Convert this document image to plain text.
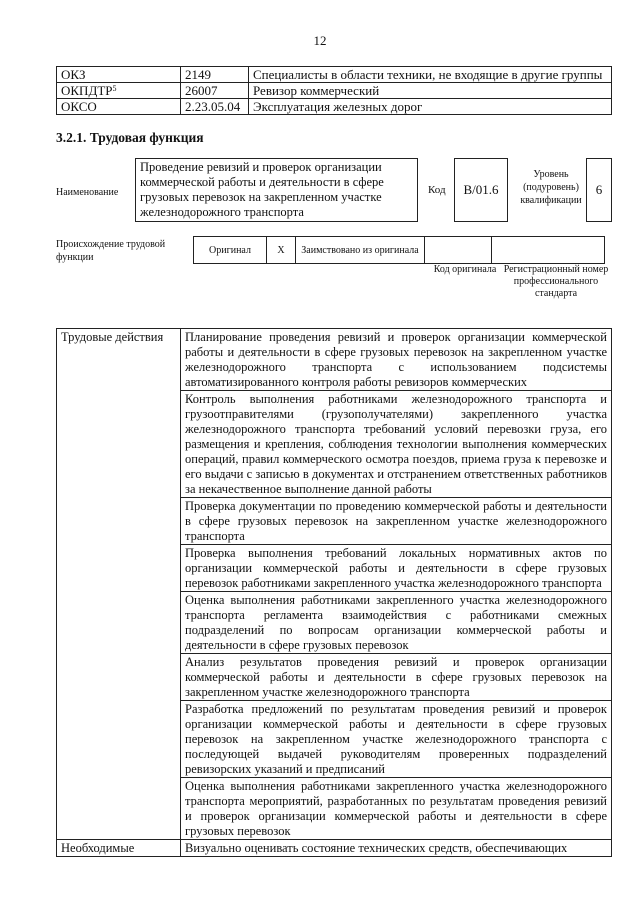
12
ОКЗ	2149	Специалисты в области техники, не входящие в другие группы
ОКПДТР$^5$	26007	Ревизор коммерческий
ОКСО	2.23.05.04	Эксплуатация железных дорог
3.2.1. Трудовая функция
Наименование
Проведение ревизий и проверок организации коммерческой работы и деятельности в сфере грузовых перевозок на закрепленном участке железнодорожного транспорта
Код	B/01.6
Уровень (подуровень) квалификации
6
Происхождение трудовой функции
Оригинал	X	Заимствовано из оригинала		
Код оригинала Регистрационный номер профессионального стандарта
Трудовые действия	Планирование проведения ревизий и проверок организации коммерческой работы и деятельности в сфере грузовых перевозок на закрепленном участке железнодорожного транспорта с использованием подсистемы автоматизированного контроля работы ревизоров коммерческих
	Контроль выполнения работниками железнодорожного транспорта и грузоотправителями (грузополучателями) закрепленного участка железнодорожного транспорта требований условий перевозки груза, его размещения и крепления, соблюдения технологии выполнения коммерческих операций, правил коммерческого осмотра поездов, приема груза к перевозке и его выдачи с записью в документах и отстранением ответственных работников за некачественное выполнение данной работы
	Проверка документации по проведению коммерческой работы и деятельности в сфере грузовых перевозок на закрепленном участке железнодорожного транспорта
	Проверка выполнения требований локальных нормативных актов по организации коммерческой работы и деятельности в сфере грузовых перевозок работниками закрепленного участка железнодорожного транспорта
	Оценка выполнения работниками закрепленного участка железнодорожного транспорта регламента взаимодействия с работниками смежных подразделений по вопросам организации коммерческой работы и деятельности в сфере грузовых перевозок
	Анализ результатов проведения ревизий и проверок организации коммерческой работы и деятельности в сфере грузовых перевозок на закрепленном участке железнодорожного транспорта
	Разработка предложений по результатам проведения ревизий и проверок организации коммерческой работы и деятельности в сфере грузовых перевозок на закрепленном участке железнодорожного транспорта с последующей выдачей руководителям проверенных подразделений ревизорских указаний и предписаний
	Оценка выполнения работниками закрепленного участка железнодорожного транспорта мероприятий, разработанных по результатам проведения ревизий и проверок организации коммерческой работы и деятельности в сфере грузовых перевозок
Необходимые	Визуально оценивать состояние технических средств, обеспечивающих
